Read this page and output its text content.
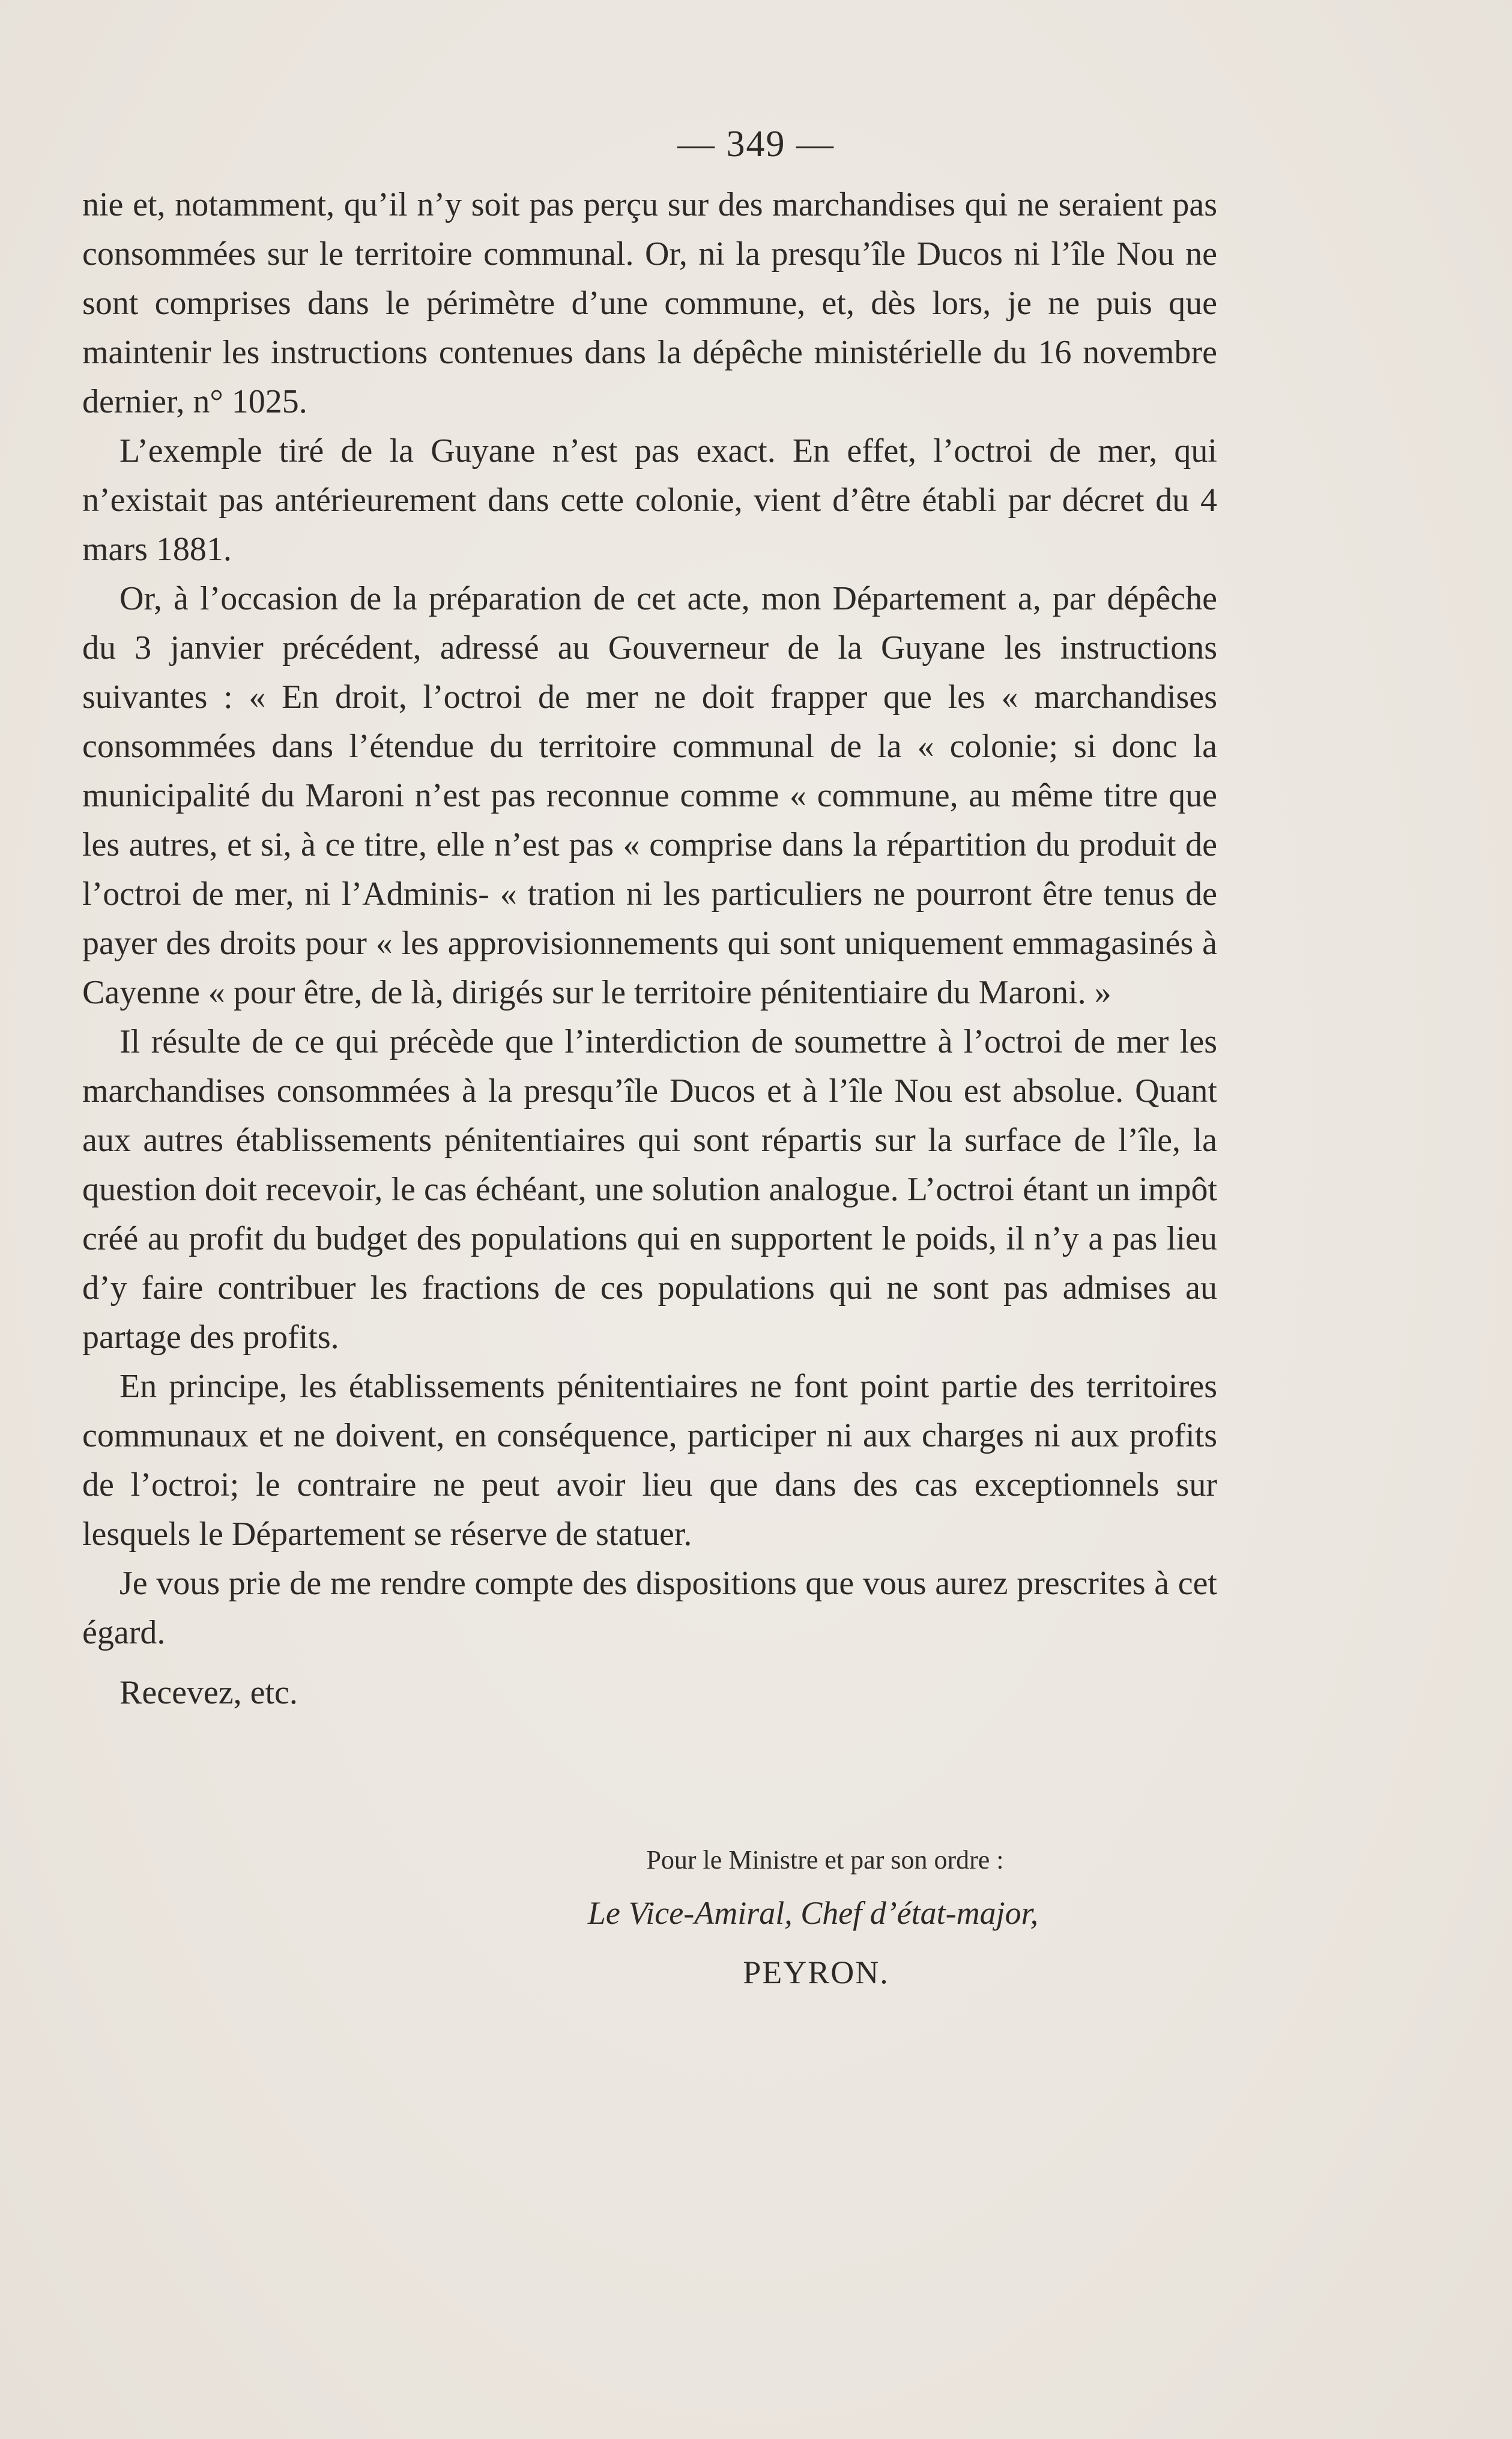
— 349 —

nie et, notamment, qu’il n’y soit pas perçu sur des marchandises qui ne seraient pas consommées sur le territoire communal. Or, ni la presqu’île Ducos ni l’île Nou ne sont comprises dans le périmètre d’une commune, et, dès lors, je ne puis que maintenir les instructions contenues dans la dépêche ministérielle du 16 novembre dernier, n° 1025.

L’exemple tiré de la Guyane n’est pas exact. En effet, l’octroi de mer, qui n’existait pas antérieurement dans cette colonie, vient d’être établi par décret du 4 mars 1881.

Or, à l’occasion de la préparation de cet acte, mon Département a, par dépêche du 3 janvier précédent, adressé au Gouverneur de la Guyane les instructions suivantes : « En droit, l’octroi de mer ne doit frapper que les « marchandises consommées dans l’étendue du territoire communal de la « colonie; si donc la municipalité du Maroni n’est pas reconnue comme « commune, au même titre que les autres, et si, à ce titre, elle n’est pas « comprise dans la répartition du produit de l’octroi de mer, ni l’Adminis- « tration ni les particuliers ne pourront être tenus de payer des droits pour « les approvisionnements qui sont uniquement emmagasinés à Cayenne « pour être, de là, dirigés sur le territoire pénitentiaire du Maroni. »

Il résulte de ce qui précède que l’interdiction de soumettre à l’octroi de mer les marchandises consommées à la presqu’île Ducos et à l’île Nou est absolue. Quant aux autres établissements pénitentiaires qui sont répartis sur la surface de l’île, la question doit recevoir, le cas échéant, une solution analogue. L’octroi étant un impôt créé au profit du budget des populations qui en supportent le poids, il n’y a pas lieu d’y faire contribuer les fractions de ces populations qui ne sont pas admises au partage des profits.

En principe, les établissements pénitentiaires ne font point partie des territoires communaux et ne doivent, en conséquence, participer ni aux charges ni aux profits de l’octroi; le contraire ne peut avoir lieu que dans des cas exceptionnels sur lesquels le Département se réserve de statuer.

Je vous prie de me rendre compte des dispositions que vous aurez prescrites à cet égard.

Recevez, etc.

Pour le Ministre et par son ordre :
Le Vice-Amiral, Chef d’état-major,
PEYRON.
